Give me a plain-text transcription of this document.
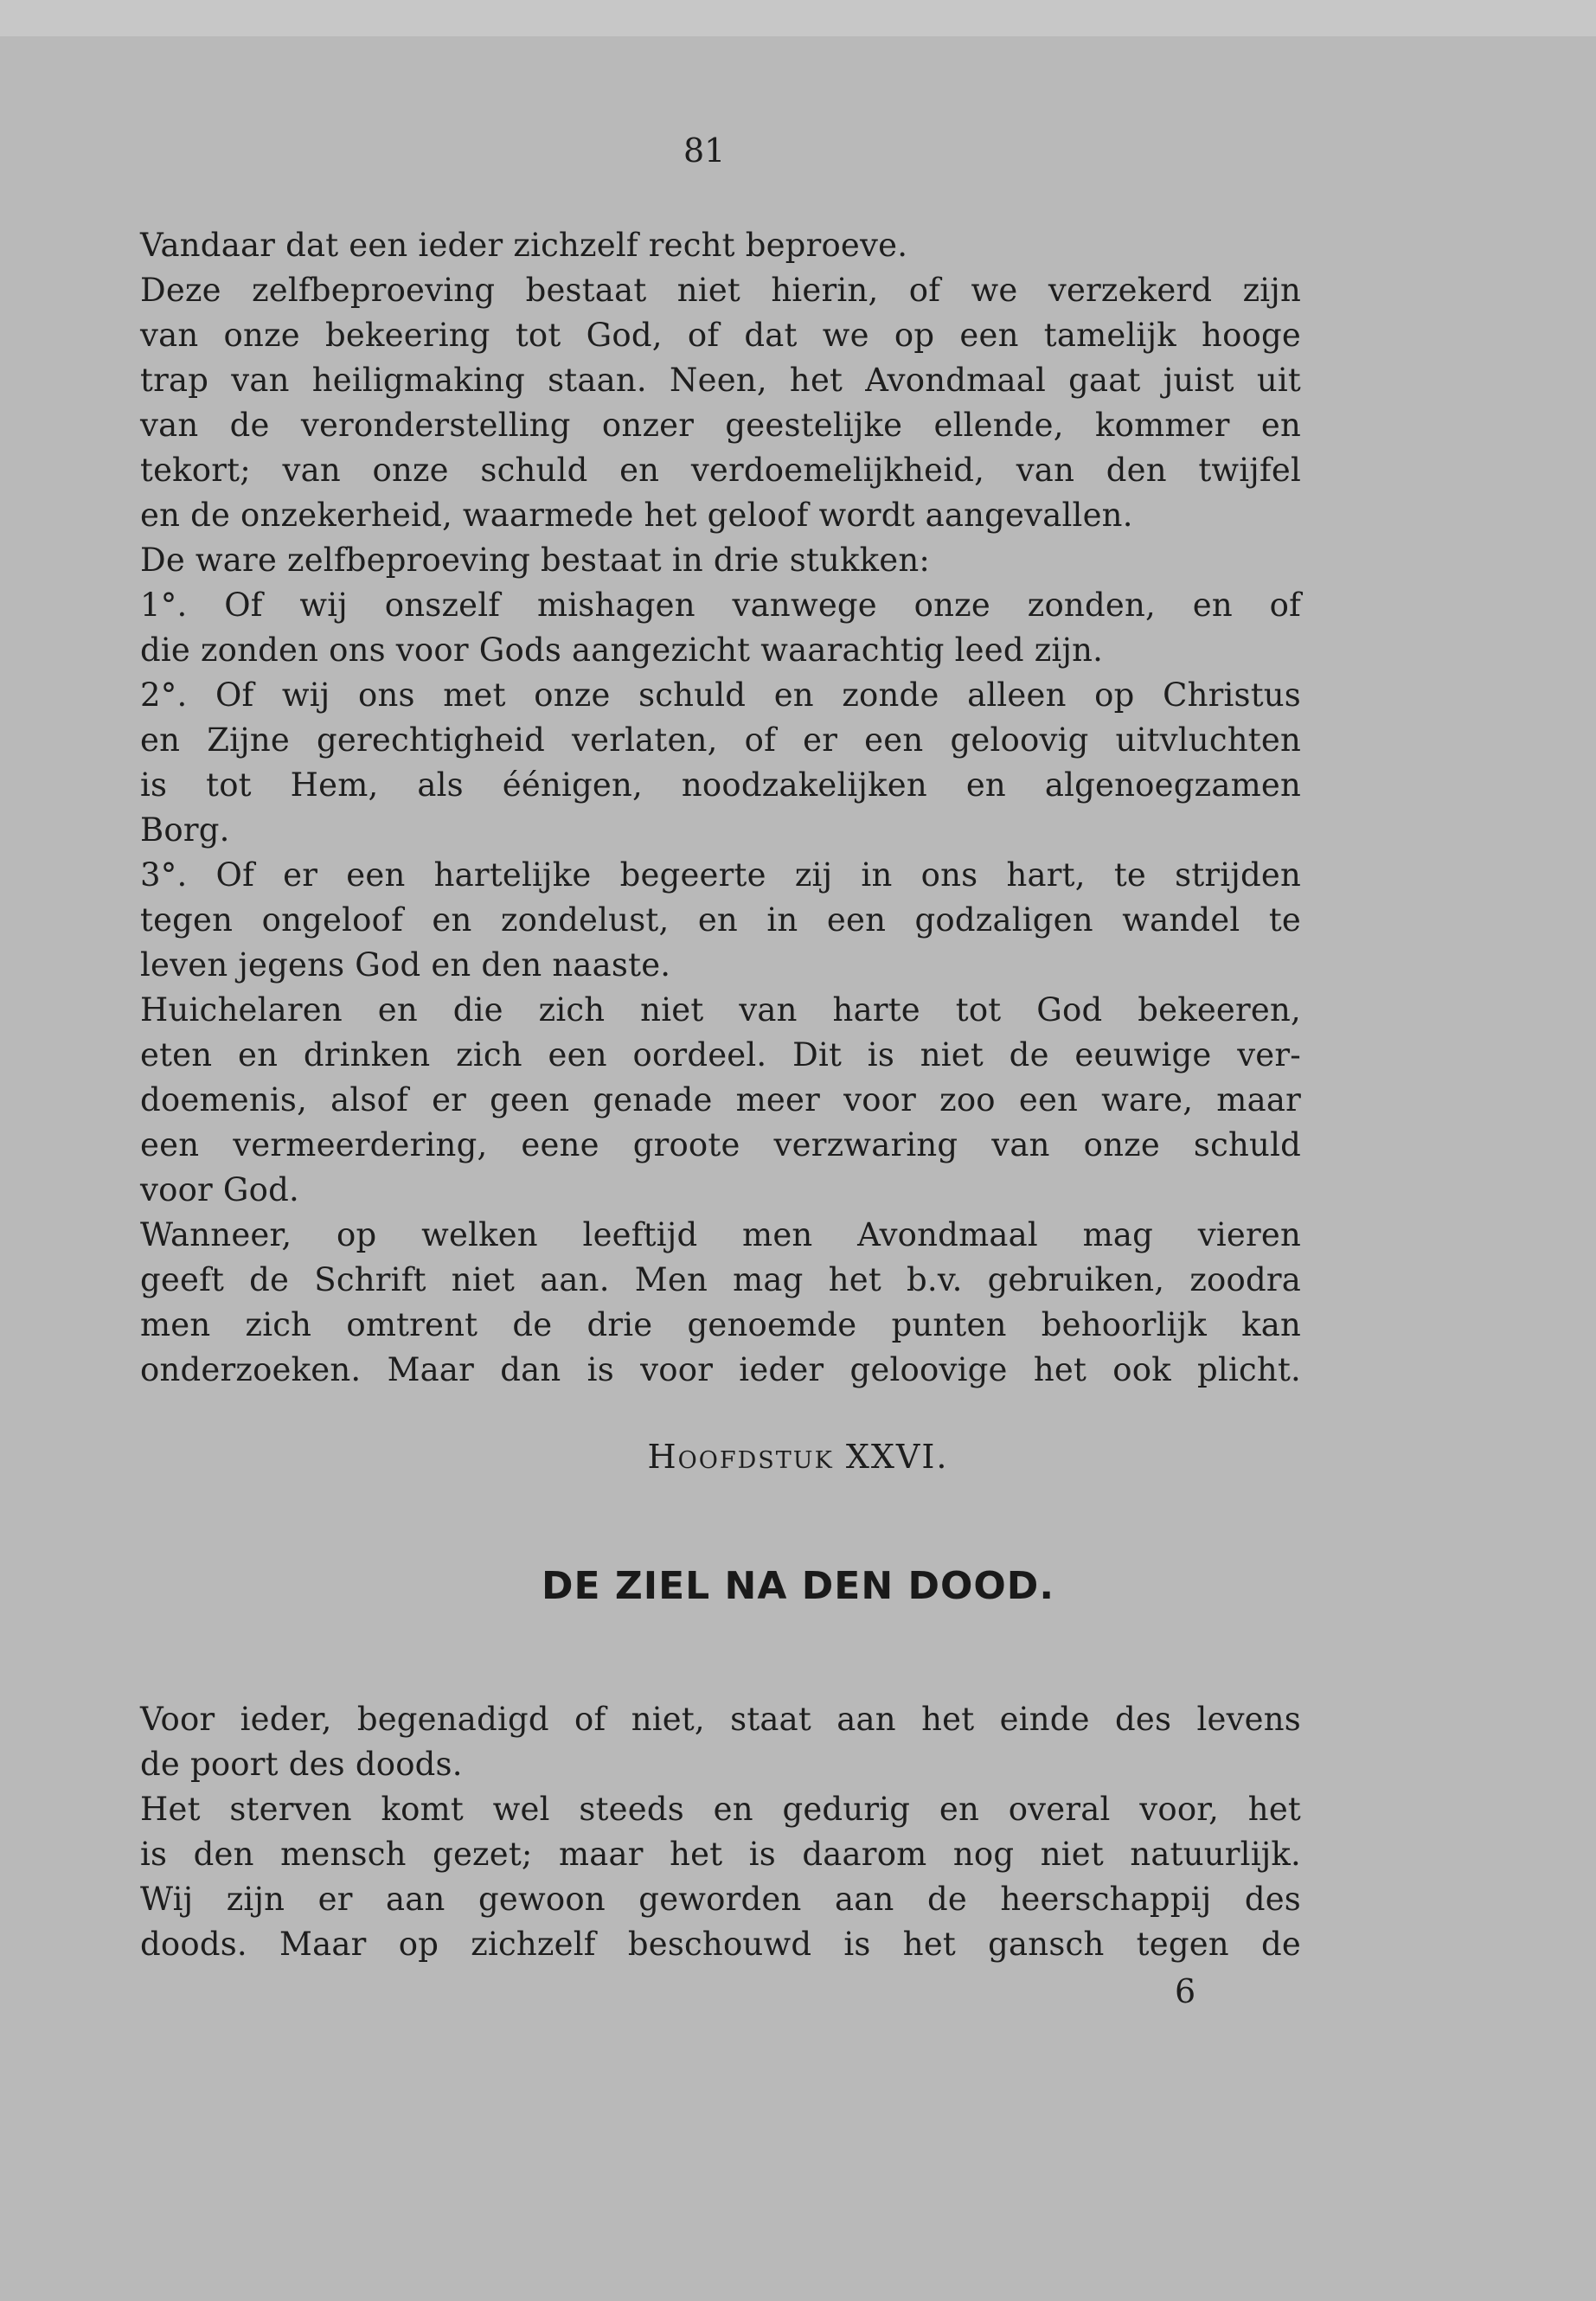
81
Vandaar dat een ieder zichzelf recht beproeve.
Deze zelfbeproeving bestaat niet hierin, of we verzekerd zijn
van onze bekeering tot God, of dat we op een tamelijk hooge
trap van heiligmaking staan. Neen, het Avondmaal gaat juist uit
van de veronderstelling onzer geestelijke ellende, kommer en
tekort; van onze schuld en verdoemelijkheid, van den twijfel
en de onzekerheid, waarmede het geloof wordt aangevallen.
De ware zelfbeproeving bestaat in drie stukken:
1°. Of wij onszelf mishagen vanwege onze zonden, en of
die zonden ons voor Gods aangezicht waarachtig leed zijn.
2°. Of wij ons met onze schuld en zonde alleen op Christus
en Zijne gerechtigheid verlaten, of er een geloovig uitvluchten
is tot Hem, als éénigen, noodzakelijken en algenoegzamen
Borg.
3°. Of er een hartelijke begeerte zij in ons hart, te strijden
tegen ongeloof en zondelust, en in een godzaligen wandel te
leven jegens God en den naaste.
Huichelaren en die zich niet van harte tot God bekeeren,
eten en drinken zich een oordeel. Dit is niet de eeuwige ver-
doemenis, alsof er geen genade meer voor zoo een ware, maar
een vermeerdering, eene groote verzwaring van onze schuld
voor God.
Wanneer, op welken leeftijd men Avondmaal mag vieren
geeft de Schrift niet aan. Men mag het b.v. gebruiken, zoodra
men zich omtrent de drie genoemde punten behoorlijk kan
onderzoeken. Maar dan is voor ieder geloovige het ook plicht.
Hoofdstuk XXVI.
DE ZIEL NA DEN DOOD.
Voor ieder, begenadigd of niet, staat aan het einde des levens
de poort des doods.
Het sterven komt wel steeds en gedurig en overal voor, het
is den mensch gezet; maar het is daarom nog niet natuurlijk.
Wij zijn er aan gewoon geworden aan de heerschappij des
doods. Maar op zichzelf beschouwd is het gansch tegen de
6
